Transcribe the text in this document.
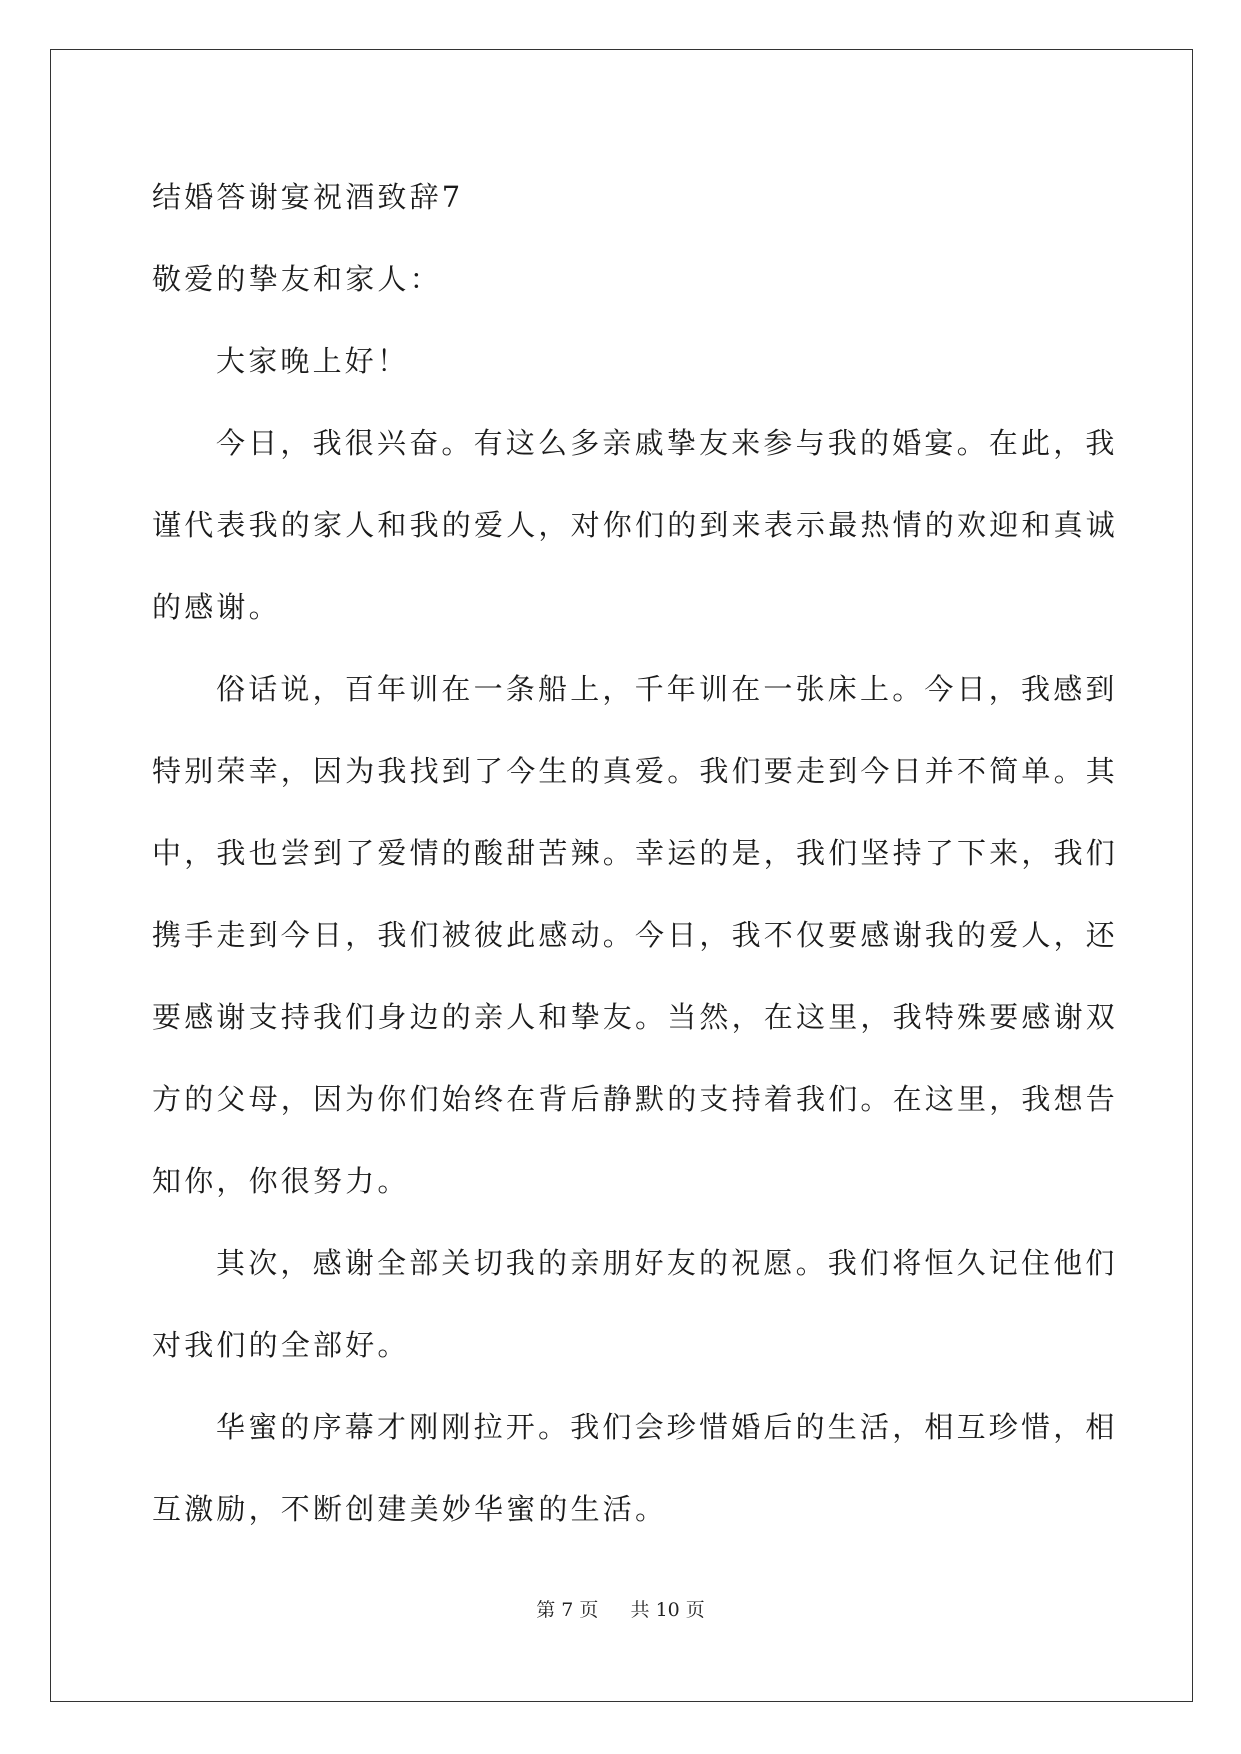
结婚答谢宴祝酒致辞7
敬爱的挚友和家人：
大家晚上好！
今日，我很兴奋。有这么多亲戚挚友来参与我的婚宴。在此，我
谨代表我的家人和我的爱人，对你们的到来表示最热情的欢迎和真诚
的感谢。
俗话说，百年训在一条船上，千年训在一张床上。今日，我感到
特别荣幸，因为我找到了今生的真爱。我们要走到今日并不简单。其
中，我也尝到了爱情的酸甜苦辣。幸运的是，我们坚持了下来，我们
携手走到今日，我们被彼此感动。今日，我不仅要感谢我的爱人，还
要感谢支持我们身边的亲人和挚友。当然，在这里，我特殊要感谢双
方的父母，因为你们始终在背后静默的支持着我们。在这里，我想告
知你，你很努力。
其次，感谢全部关切我的亲朋好友的祝愿。我们将恒久记住他们
对我们的全部好。
华蜜的序幕才刚刚拉开。我们会珍惜婚后的生活，相互珍惜，相
互激励，不断创建美妙华蜜的生活。
第 7 页 共 10 页
